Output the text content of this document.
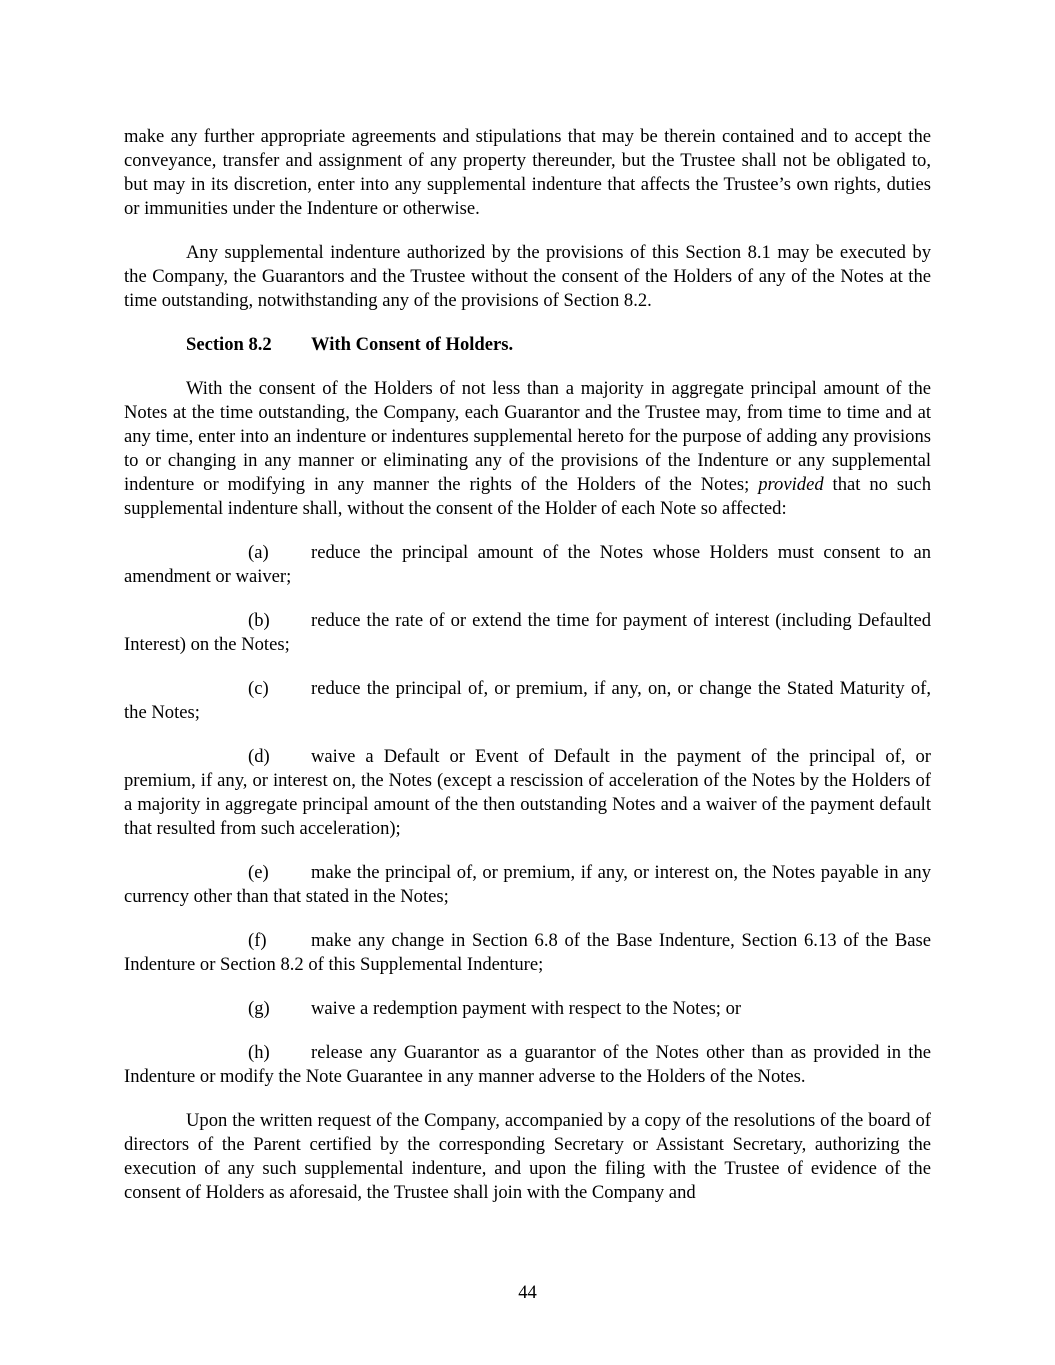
make any further appropriate agreements and stipulations that may be therein contained and to accept the conveyance, transfer and assignment of any property thereunder, but the Trustee shall not be obligated to, but may in its discretion, enter into any supplemental indenture that affects the Trustee’s own rights, duties or immunities under the Indenture or otherwise.

Any supplemental indenture authorized by the provisions of this Section 8.1 may be executed by the Company, the Guarantors and the Trustee without the consent of the Holders of any of the Notes at the time outstanding, notwithstanding any of the provisions of Section 8.2.

Section 8.2 With Consent of Holders.

With the consent of the Holders of not less than a majority in aggregate principal amount of the Notes at the time outstanding, the Company, each Guarantor and the Trustee may, from time to time and at any time, enter into an indenture or indentures supplemental hereto for the purpose of adding any provisions to or changing in any manner or eliminating any of the provisions of the Indenture or any supplemental indenture or modifying in any manner the rights of the Holders of the Notes; provided that no such supplemental indenture shall, without the consent of the Holder of each Note so affected:

(a) reduce the principal amount of the Notes whose Holders must consent to an amendment or waiver;

(b) reduce the rate of or extend the time for payment of interest (including Defaulted Interest) on the Notes;

(c) reduce the principal of, or premium, if any, on, or change the Stated Maturity of, the Notes;

(d) waive a Default or Event of Default in the payment of the principal of, or premium, if any, or interest on, the Notes (except a rescission of acceleration of the Notes by the Holders of a majority in aggregate principal amount of the then outstanding Notes and a waiver of the payment default that resulted from such acceleration);

(e) make the principal of, or premium, if any, or interest on, the Notes payable in any currency other than that stated in the Notes;

(f) make any change in Section 6.8 of the Base Indenture, Section 6.13 of the Base Indenture or Section 8.2 of this Supplemental Indenture;

(g) waive a redemption payment with respect to the Notes; or

(h) release any Guarantor as a guarantor of the Notes other than as provided in the Indenture or modify the Note Guarantee in any manner adverse to the Holders of the Notes.

Upon the written request of the Company, accompanied by a copy of the resolutions of the board of directors of the Parent certified by the corresponding Secretary or Assistant Secretary, authorizing the execution of any such supplemental indenture, and upon the filing with the Trustee of evidence of the consent of Holders as aforesaid, the Trustee shall join with the Company and

44
